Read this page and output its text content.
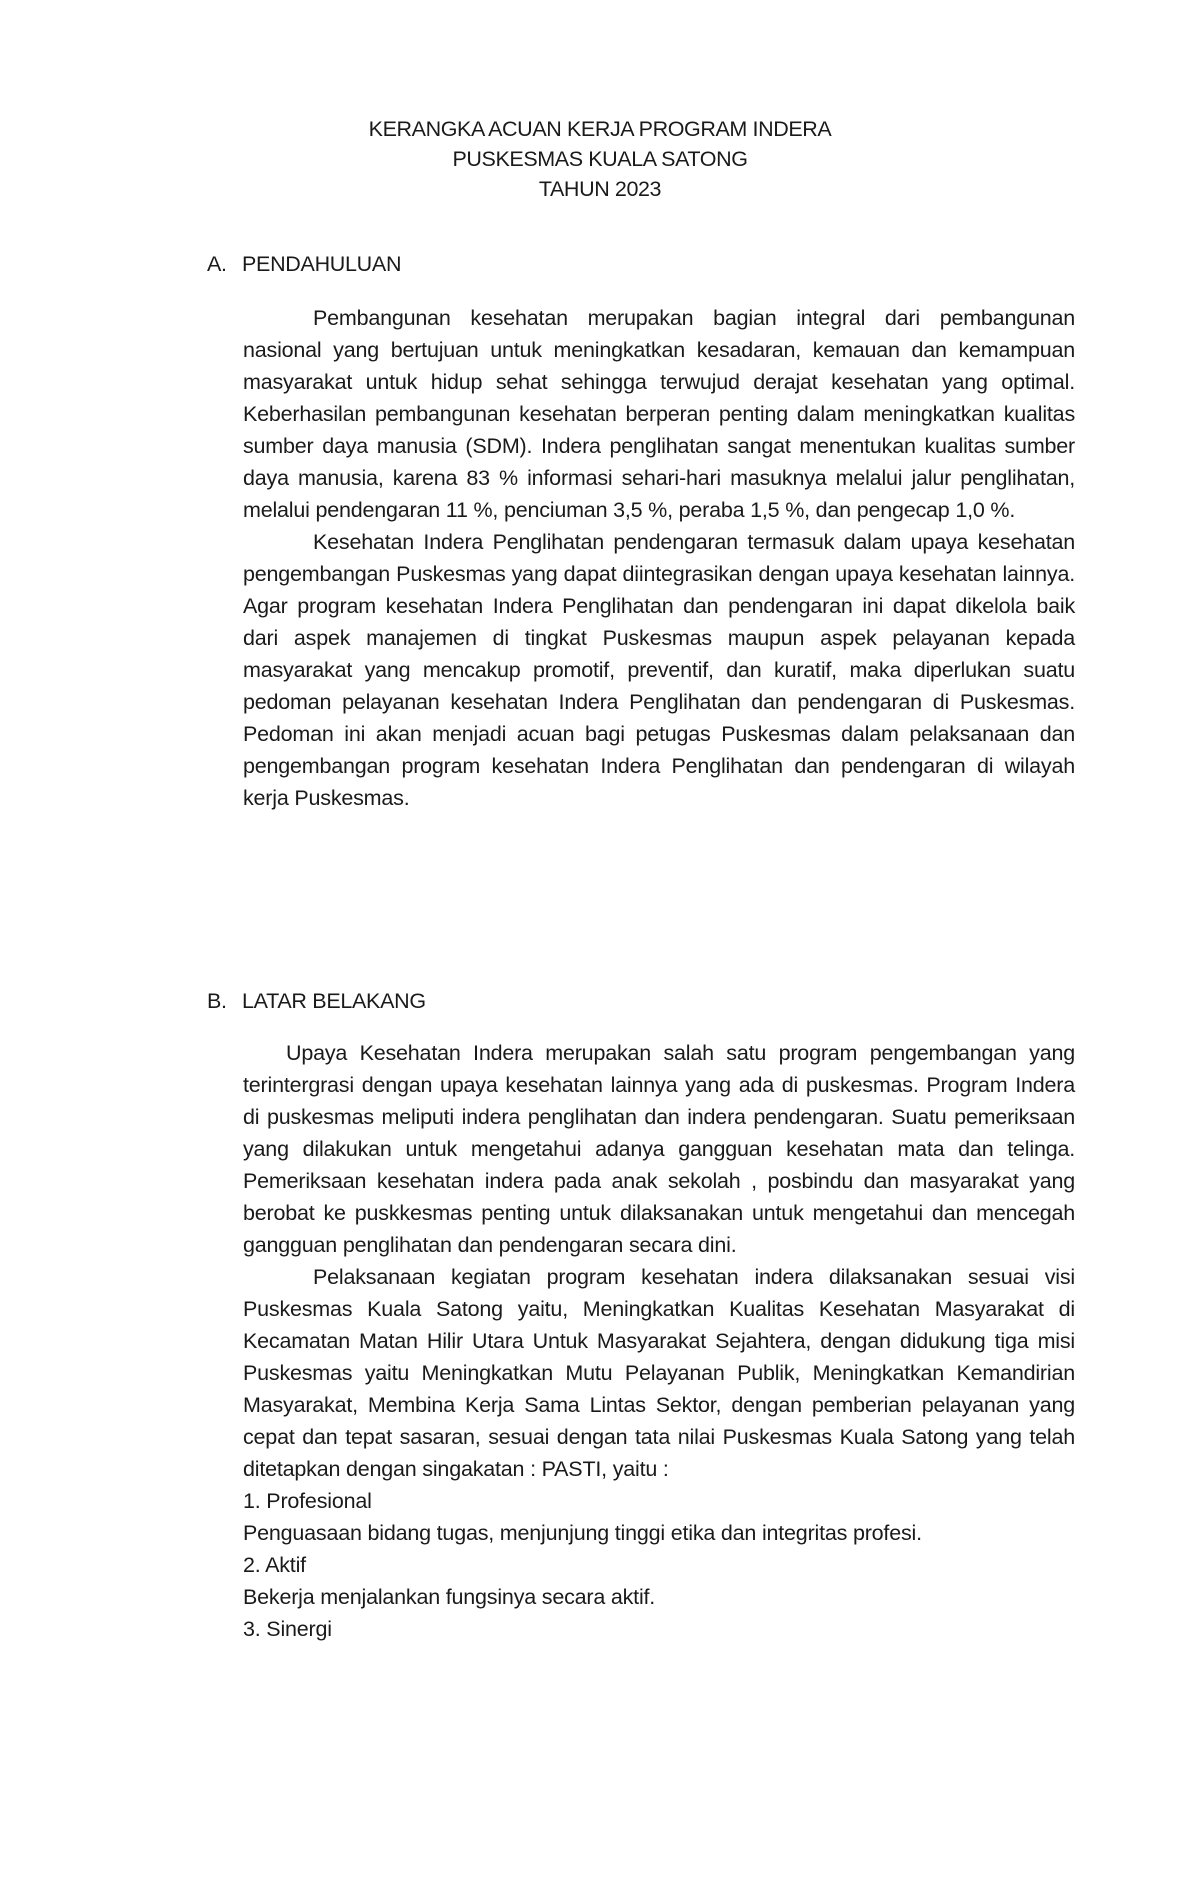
KERANGKA ACUAN KERJA PROGRAM INDERA
PUSKESMAS KUALA SATONG
TAHUN 2023
A. PENDAHULUAN

Pembangunan kesehatan merupakan bagian integral dari pembangunan nasional yang bertujuan untuk meningkatkan kesadaran, kemauan dan kemampuan masyarakat untuk hidup sehat sehingga terwujud derajat kesehatan yang optimal. Keberhasilan pembangunan kesehatan berperan penting dalam meningkatkan kualitas sumber daya manusia (SDM). Indera penglihatan sangat menentukan kualitas sumber daya manusia, karena 83 % informasi sehari-hari masuknya melalui jalur penglihatan, melalui pendengaran 11 %, penciuman 3,5 %, peraba 1,5 %, dan pengecap 1,0 %.

Kesehatan Indera Penglihatan pendengaran termasuk dalam upaya kesehatan pengembangan Puskesmas yang dapat diintegrasikan dengan upaya kesehatan lainnya. Agar program kesehatan Indera Penglihatan dan pendengaran ini dapat dikelola baik dari aspek manajemen di tingkat Puskesmas maupun aspek pelayanan kepada masyarakat yang mencakup promotif, preventif, dan kuratif, maka diperlukan suatu pedoman pelayanan kesehatan Indera Penglihatan dan pendengaran di Puskesmas. Pedoman ini akan menjadi acuan bagi petugas Puskesmas dalam pelaksanaan dan pengembangan program kesehatan Indera Penglihatan dan pendengaran di wilayah kerja Puskesmas.

B. LATAR BELAKANG

Upaya Kesehatan Indera merupakan salah satu program pengembangan yang terintergrasi dengan upaya kesehatan lainnya yang ada di puskesmas. Program Indera di puskesmas meliputi indera penglihatan dan indera pendengaran. Suatu pemeriksaan yang dilakukan untuk mengetahui adanya gangguan kesehatan mata dan telinga. Pemeriksaan kesehatan indera pada anak sekolah , posbindu dan masyarakat yang berobat ke puskkesmas penting untuk dilaksanakan untuk mengetahui dan mencegah gangguan penglihatan dan pendengaran secara dini.

Pelaksanaan kegiatan program kesehatan indera dilaksanakan sesuai visi Puskesmas Kuala Satong yaitu, Meningkatkan Kualitas Kesehatan Masyarakat di Kecamatan Matan Hilir Utara Untuk Masyarakat Sejahtera, dengan didukung tiga misi Puskesmas yaitu Meningkatkan Mutu Pelayanan Publik, Meningkatkan Kemandirian Masyarakat, Membina Kerja Sama Lintas Sektor, dengan pemberian pelayanan yang cepat dan tepat sasaran, sesuai dengan tata nilai Puskesmas Kuala Satong yang telah ditetapkan dengan singakatan : PASTI, yaitu :

1. Profesional
Penguasaan bidang tugas, menjunjung tinggi etika dan integritas profesi.
2. Aktif
Bekerja menjalankan fungsinya secara aktif.
3. Sinergi
